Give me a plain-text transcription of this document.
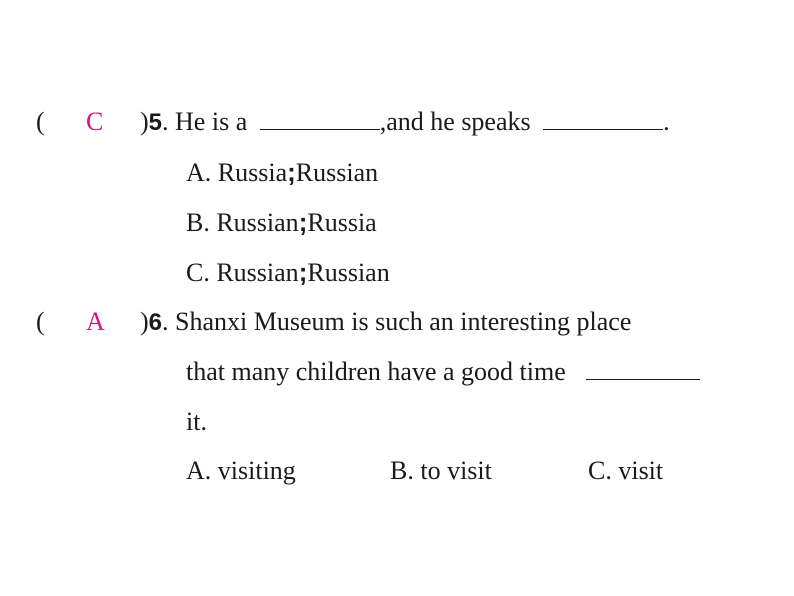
( C )5. He is a	,and he speaks	.
A. Russia;Russian
B. Russian;Russia
C. Russian;Russian
( A )6. Shanxi Museum is such an interesting place
that many children have a good time
it.
A. visiting	B. to visit	C. visit
